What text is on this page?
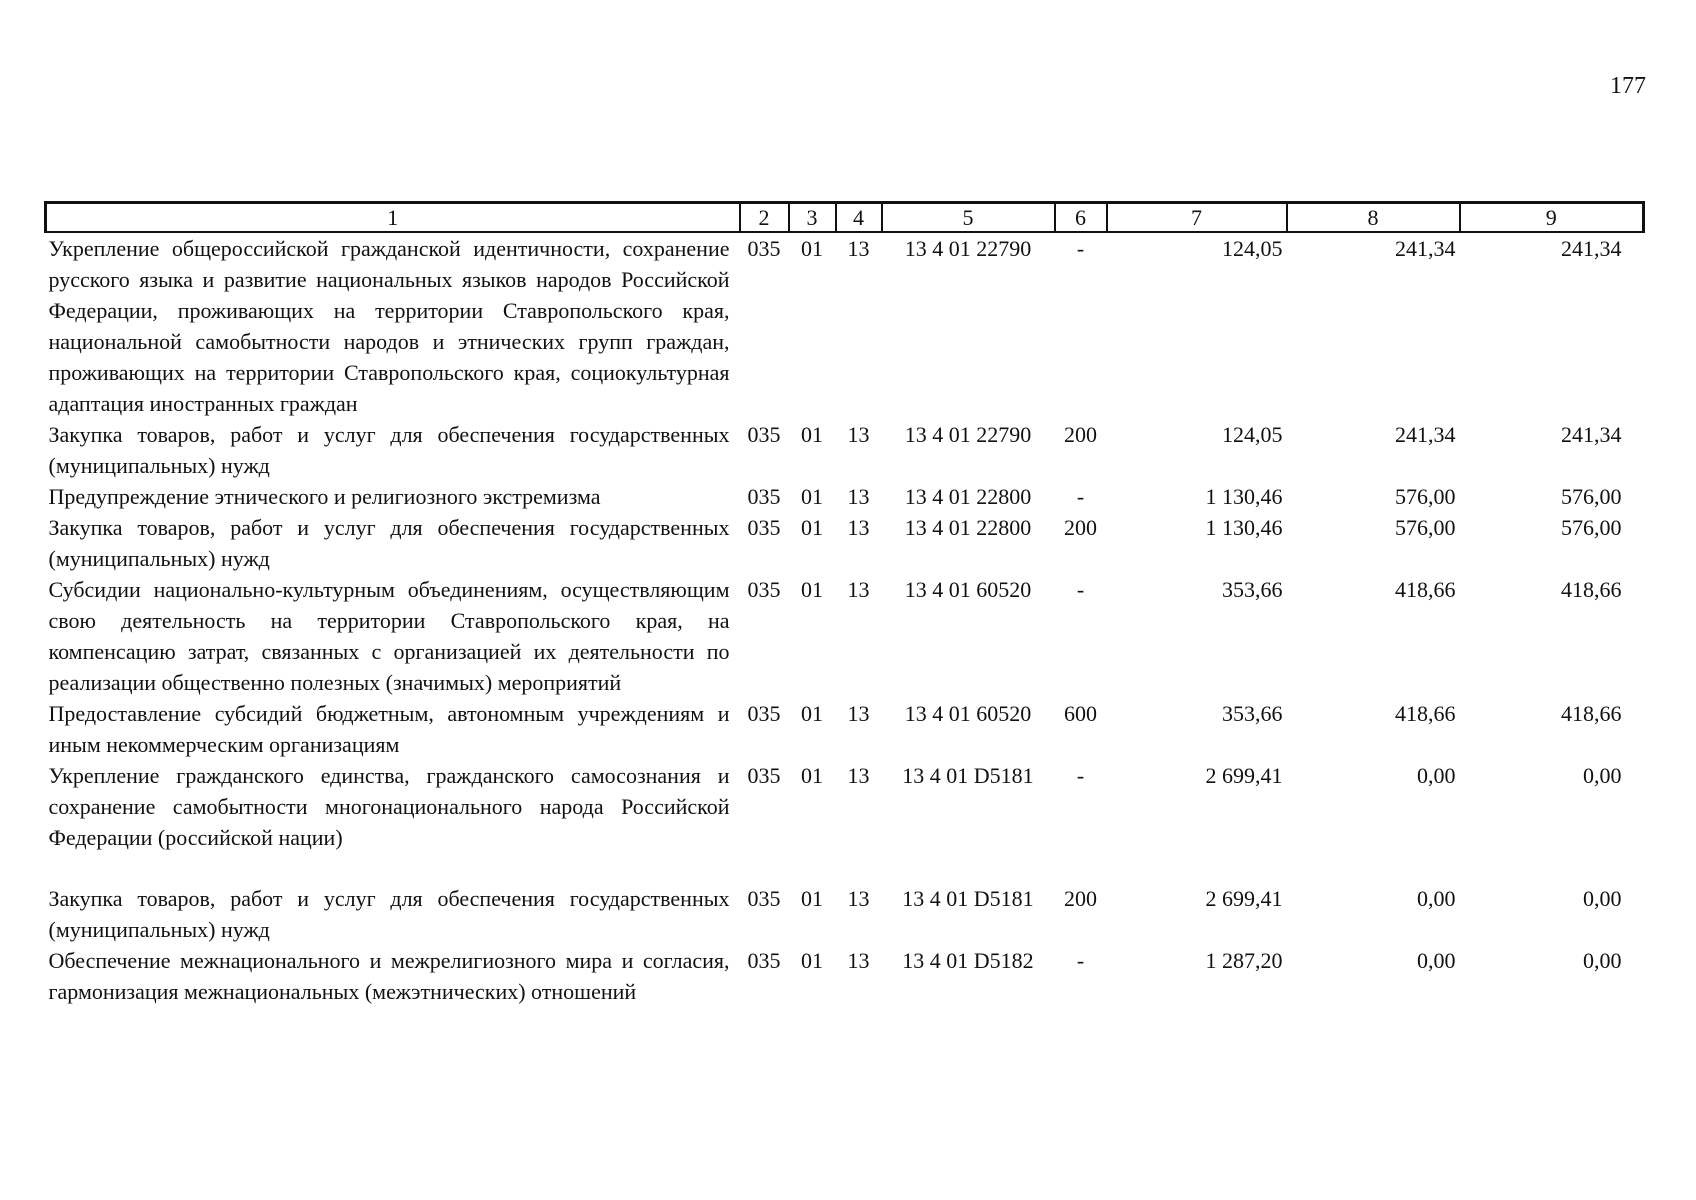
177
1	2	3	4	5	6	7	8	9
Укрепление общероссийской гражданской идентичности, сохранение русского языка и развитие национальных языков народов Российской Федерации, проживающих на территории Ставропольского края, национальной самобытности народов и этнических групп граждан, проживающих на территории Ставропольского края, социокультурная адаптация иностранных граждан	035	01	13	13 4 01 22790	-	124,05	241,34	241,34
Закупка товаров, работ и услуг для обеспечения государственных (муниципальных) нужд	035	01	13	13 4 01 22790	200	124,05	241,34	241,34
Предупреждение этнического и религиозного экстремизма	035	01	13	13 4 01 22800	-	1 130,46	576,00	576,00
Закупка товаров, работ и услуг для обеспечения государственных (муниципальных) нужд	035	01	13	13 4 01 22800	200	1 130,46	576,00	576,00
Субсидии национально-культурным объединениям, осуществляющим свою деятельность на территории Ставропольского края, на компенсацию затрат, связанных с организацией их деятельности по реализации общественно полезных (значимых) мероприятий	035	01	13	13 4 01 60520	-	353,66	418,66	418,66
Предоставление субсидий бюджетным, автономным учреждениям и иным некоммерческим организациям	035	01	13	13 4 01 60520	600	353,66	418,66	418,66
Укрепление гражданского единства, гражданского самосознания и сохранение самобытности многонационального народа Российской Федерации (российской нации)	035	01	13	13 4 01 D5181	-	2 699,41	0,00	0,00
Закупка товаров, работ и услуг для обеспечения государственных (муниципальных) нужд	035	01	13	13 4 01 D5181	200	2 699,41	0,00	0,00
Обеспечение межнационального и межрелигиозного мира и согласия, гармонизация межнациональных (межэтнических) отношений	035	01	13	13 4 01 D5182	-	1 287,20	0,00	0,00
